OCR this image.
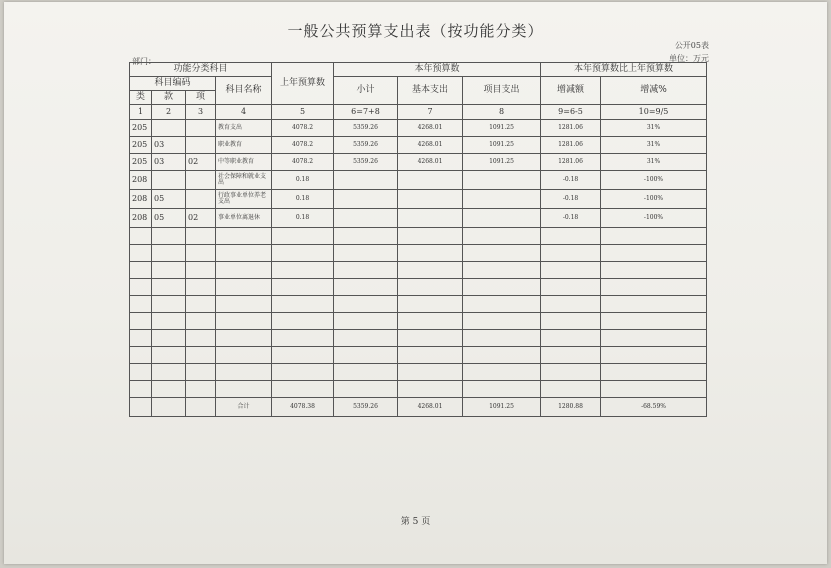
一般公共预算支出表（按功能分类）
公开05表
单位：万元
部门：
第 5 页
功能分类科目				上年预算数	本年预算数			本年预算数比上年预算数	
科目编码			科目名称		小计	基本支出	项目支出	增减额	增减%
类	款	项							
1	2	3	4	5	6=7+8	7	8	9=6-5	10=9/5
205			教育支出	4078.2	5359.26	4268.01	1091.25	1281.06	31%
205	03		职业教育	4078.2	5359.26	4268.01	1091.25	1281.06	31%
205	03	02	中等职业教育	4078.2	5359.26	4268.01	1091.25	1281.06	31%
208			社会保障和就业支出	0.18				-0.18	-100%
208	05		行政事业单位养老支出	0.18				-0.18	-100%
208	05	02	事业单位离退休	0.18				-0.18	-100%

			合计	4078.38	5359.26	4268.01	1091.25	1280.88	-68.59%
